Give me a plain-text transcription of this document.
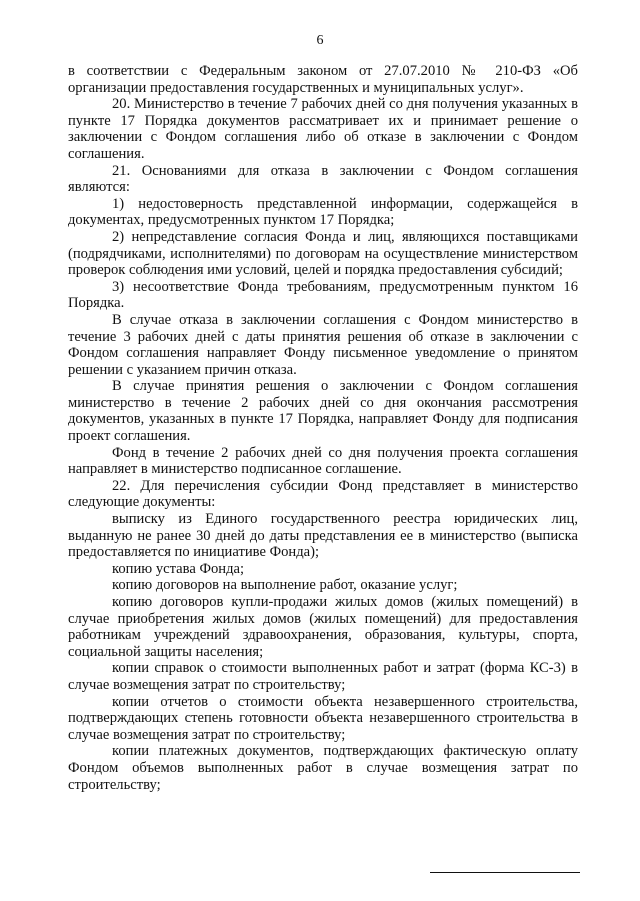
6

в соответствии с Федеральным законом от 27.07.2010 № 210-ФЗ «Об организации предоставления государственных и муниципальных услуг».

20. Министерство в течение 7 рабочих дней со дня получения указанных в пункте 17 Порядка документов рассматривает их и принимает решение о заключении с Фондом соглашения либо об отказе в заключении с Фондом соглашения.

21. Основаниями для отказа в заключении с Фондом соглашения являются:

1) недостоверность представленной информации, содержащейся в документах, предусмотренных пунктом 17 Порядка;

2) непредставление согласия Фонда и лиц, являющихся поставщиками (подрядчиками, исполнителями) по договорам на осуществление министерством проверок соблюдения ими условий, целей и порядка предоставления субсидий;

3) несоответствие Фонда требованиям, предусмотренным пунктом 16 Порядка.

В случае отказа в заключении соглашения с Фондом министерство в течение 3 рабочих дней с даты принятия решения об отказе в заключении с Фондом соглашения направляет Фонду письменное уведомление о принятом решении с указанием причин отказа.

В случае принятия решения о заключении с Фондом соглашения министерство в течение 2 рабочих дней со дня окончания рассмотрения документов, указанных в пункте 17 Порядка, направляет Фонду для подписания проект соглашения.

Фонд в течение 2 рабочих дней со дня получения проекта соглашения направляет в министерство подписанное соглашение.

22. Для перечисления субсидии Фонд представляет в министерство следующие документы:

выписку из Единого государственного реестра юридических лиц, выданную не ранее 30 дней до даты представления ее в министерство (выписка предоставляется по инициативе Фонда);

копию устава Фонда;

копию договоров на выполнение работ, оказание услуг;

копию договоров купли-продажи жилых домов (жилых помещений) в случае приобретения жилых домов (жилых помещений) для предоставления работникам учреждений здравоохранения, образования, культуры, спорта, социальной защиты населения;

копии справок о стоимости выполненных работ и затрат (форма КС-3) в случае возмещения затрат по строительству;

копии отчетов о стоимости объекта незавершенного строительства, подтверждающих степень готовности объекта незавершенного строительства в случае возмещения затрат по строительству;

копии платежных документов, подтверждающих фактическую оплату Фондом объемов выполненных работ в случае возмещения затрат по строительству;
